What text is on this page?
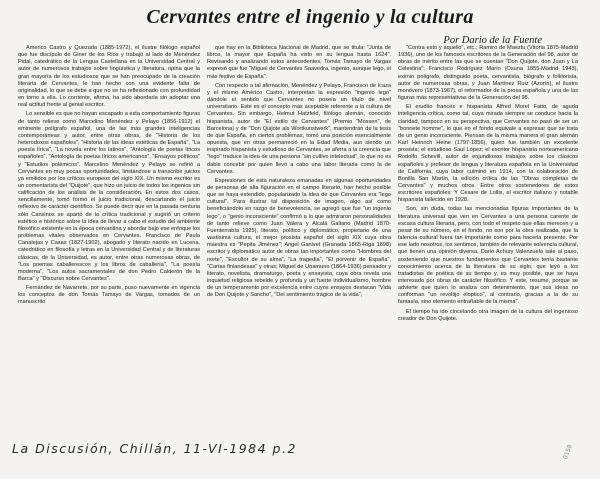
Cervantes entre el ingenio y la cultura

Por Dario de la Fuente

Americo Castro y Quezada (1885-1972), el ilustre filólogo español que fue discípulo de Giner de los Ríos y trabajó al lado de Menéndez Pidal, catedrático de la Lengua Castellana en la Universidad Central y autor de numerosos trabajos sobre lingüística y literatura, opina que la gran mayoría de los estudiosos que se han preocupado de la creación literaria de Cervantes, le han hecho con una evidente falta de originalidad, lo que se debe a que no se ha reflexionado con profundidad en torno a ella. Lo corriente, afirma, ha sido abordarla sin adoptar una real actitud frente al genial escritor.

Lo sensible es que no hayan escapado a esta comportamiento figuras de tanto relieve como Marcelino Menéndez y Pelayo (1856-1912) el eminente polígrafo español, una de las más grandes inteligencias contemporáneas y autor, entre otras obras, de "Historia de los heterodoxos españoles", "Historia de las ideas estéticas de España", "La poesía lírica", "La novela entre los latinos", "Antología de poetas líricos españoles", "Antología de poetas líricos americanos", "Ensayos políticos" y "Estudios polémicos". Marcelino Menéndez y Pelayo se refirió a Cervantes en muy pocas oportunidades, limitándose a transcribir juicios ya emitidos por los críticos europeos del siglo XIX. Un mismo escritor es un comentarista del "Quijote", que hizo un juicio de todos los ingenios sin calificación de los análisis de la consideración. En estos dos casos, sencillamente, tomó formó el juicio tradicional, descartando el juicio reflexivo de carácter científico. Se puede decir que en la pasada centuria sólo Cansinos se apartó de la crítica tradicional y sugirió un criterio estético e histórico sobre la idea de llevar a cabo el estudio del ambiente filosófico existente en la época cervantina y abordar bajo ese enfoque los problemas vitales observados en Cervantes. Francisco de Paula Canalejas y Casas (1827-1902), abogado y literato nacido en Lucena, catedrático en filosofía y letras en la Universidad Central y de literaturas clásicas, de la Universidad, es autor, entre otras numerosas obras, de "Los poemas caballerescos y los libros de caballería", "La poesía moderna", "Los autos sacramentales de don Pedro Calderón de la Barca" y "Discurso sobre Cervantes".

Fernández de Navarrete, por su parte, puso nuevamente en vigencia los conceptos de don Tomás Tamayo de Vargas, tomados de un manuscrito

que hay en la Biblioteca Nacional de Madrid, que se titula: "Junta de libros, la mayor que España ha visto en su lengua hasta 1624". Revisando y analizando estos antecedentes, Tomás Tamayo de Vargas expresó que fue "Miguel de Cervantes Saavedra, ingenio, aunque lego, el más festivo de España".

Con respecto a tal afirmación, Menéndez y Pelayo, Francisco de Icaza y el mismo Américo Castro, interpretan la expresión "ingenio lego" dándole el sentido que Cervantes no poseía un título de nivel universitario. Este es el concepto más aceptable referente a la cultura de Cervantes. Sin embargo, Helmut Hatzfeld, filólogo alemán, conocido hispanista, autor de "El estilo de Cervantes" (Premio "Mossen", de Barcelona) y de "Don Quijote als Wortkunstwerk", mantendrán de la tesis de que España, en ciertos problemas, tomó una posición esencialmente opuesta, que en otras permaneció en la Edad Media, aun siendo un inspirado hispanista y estudioso de Cervantes, se aferra a la creencia que "lego" traduce la idea de una persona "sin cultivo intelectual", lo que no es dable concebir por quien llevó a cabo una labor literaria como la de Cervantes.

Expresiones de esta naturaleza emanadas en algunas oportunidades de personas de alta figuración en el campo literario, han hecho posible que se haya extendido, popularizado la idea de que Cervantes era "lego cultural". Para ilustrar tal disposición de imagen, algo así como beneficiándolo en razgo de benevolencia, se agregó que fue "un ingenio lego", o "genio inconsciente" confirmó a lo que admiraron personalidades de tanto relieve como Juan Valera y Alcalá Galiano (Madrid 1870-Fuenterrabía 1925), literato, político y diplomático, propietario de una vastísima cultura, el mejor prosista español del siglo XIX cuya obra maestra es "Pepita Jiménez"; Angel Ganivet (Granada 1865-Riga 1898) escritor y diplomático autor de obras tan importantes como "Hombres del norte", "Escultor de su alma", "La tragedia", "El porvenir de España", "Cartas finlandesas" y otras; Miguel de Unamuno (1864-1936) pensador y literato, novelista, dramaturgo, poeta y ensayista, cuya obra revela una inquietud religiosa rebelde y profunda y un fuerte individualismo, hombre de un temperamento por excelencia entre cuyos ensayos destacan "Vida de Don Quijote y Sancho", "Del sentimiento trágico de la vida",

"Contra esto y aquello", etc.; Ramiro de Maeztu (Vitoria 1875-Madrid 1936), uno de los famosos escritores de la Generación del 98, autor de obras de mérito entre las que se cuentan "Don Quijote, don Juan y La Celestina"; Francisco Rodríguez Marín (Osuna 1855-Madrid 1943), eximio polígrafo, distinguido poeta, cervantista, biógrafo y folklorista, autor de numerosas obras, y Juan Martínez Ruiz (Azorín), el ilustre monóvero (1873-1967), el reformador de la prosa española y una de las figuras más representativas de la Generación del 98.

El erudito francés e hispanista Alfred Morel Fatio, de aguda inteligencia crítica, como tal, cuya mirada siempre se conduce hacia la claridad, tampoco en su perspectiva, que Cervantes no pasó de ser un "bonnete homme", lo que en el fondo equivale a expresar que se trata de un genio inconsciente. Piensan de la misma manera el gran alemán Karl Heinrich Heine (1797-1856), quien fue también un excelente prosista; el estudioso Saul López; el escritor hispanista norteamericano Rodolfo Schevill, autor de enjundiosos trabajos sobre los clásicos españoles y profesor de lengua y literatura española en la Universidad de California, cuya labor culminó en 1914, con la colaboración de Bonilla San Martín, la edición crítica de las "Obras completas de Cervantes" y muchos otros. Entre otros sostenedores de estos escritores españoles: Y Cesare de Lollis, el escritor italiano y notable hispanista fallecido en 1928.

Son, sin duda, todas las mencionadas figuras importantes de la literatura universal que ven en Cervantes a una persona carente de escasa cultura literaria, pero, con todo el respeto que ellas merecen y a pesar de su número, en el fondo, no son por la obra realizada, que la falencia cultural fuera tan importante como para hacerla presente. Por ese lado nosotros, los sentimos, también de relevante solvencia cultural, que tienen una opinión diversa. Dario Achury Valenzuela sale al paso, sosteniendo que nuestros fundamentos que Cervantes tenía bastante conocimiento acerca de la literatura de su siglo, que leyó a los tratadistas de poética de su tiempo y, es muy posible, que se haya interesado por obras de carácter filosófico. Y este, resume, porque se advierte que quien lo analiza con detenimiento, que sus ideas no conforman "un revoltijo eloptico", al contrario, gracias a la de su fantasía, sino elemento entrañable de la misma".

El tiempo ha ido cincelando otra imagen de la cultura del ingenioso creador de Don Quijote.

La Discusión, Chillán, 11-VI-1984 p.2	0158
